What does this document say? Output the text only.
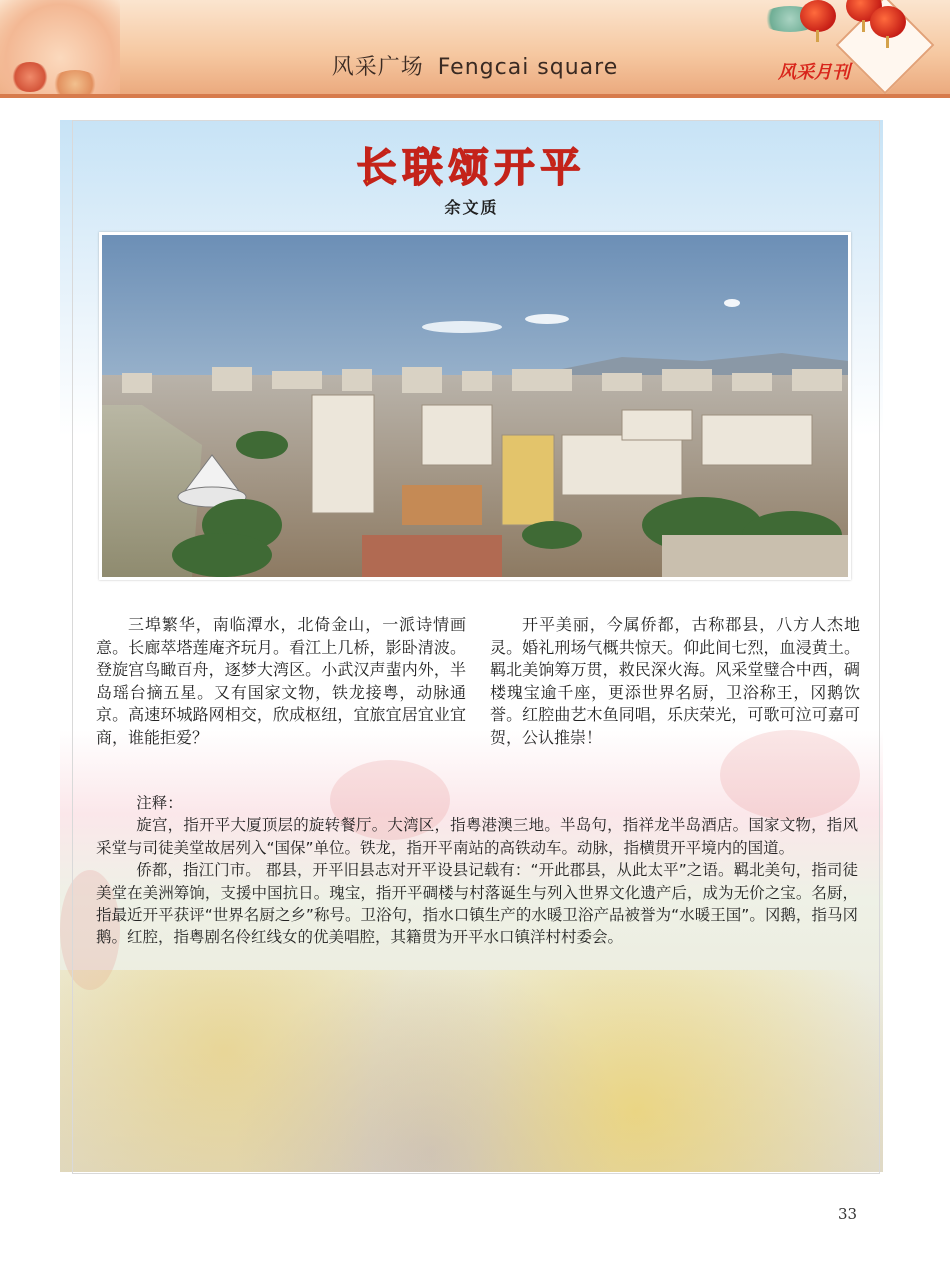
风采广场 Fengcai square	风采月刊
长联颂开平
余文质

三埠繁华，南临潭水，北倚金山，一派诗情画意。长廊萃塔莲庵齐玩月。看江上几桥，影卧清波。登旋宫鸟瞰百舟，逐梦大湾区。小武汉声蜚内外，半岛瑶台摘五星。又有国家文物，铁龙接粤，动脉通京。高速环城路网相交，欣成枢纽，宜旅宜居宜业宜商，谁能拒爱？

开平美丽，今属侨都，古称郡县，八方人杰地灵。婚礼刑场气概共惊天。仰此间七烈，血浸黄土。羁北美饷筹万贯，救民深火海。风采堂璧合中西，碉楼瑰宝逾千座，更添世界名厨，卫浴称王，冈鹅饮誉。红腔曲艺木鱼同唱，乐庆荣光，可歌可泣可嘉可贺，公认推崇！

注释：

旋宫，指开平大厦顶层的旋转餐厅。大湾区，指粤港澳三地。半岛句，指祥龙半岛酒店。国家文物，指风采堂与司徒美堂故居列入“国保”单位。铁龙，指开平南站的高铁动车。动脉，指横贯开平境内的国道。

侨都，指江门市。 郡县，开平旧县志对开平设县记载有：“开此郡县，从此太平”之语。羁北美句，指司徒美堂在美洲筹饷，支援中国抗日。瑰宝，指开平碉楼与村落诞生与列入世界文化遗产后，成为无价之宝。名厨，指最近开平获评“世界名厨之乡”称号。卫浴句，指水口镇生产的水暖卫浴产品被誉为“水暖王国”。冈鹅，指马冈鹅。红腔，指粤剧名伶红线女的优美唱腔，其籍贯为开平水口镇洋村村委会。

33
